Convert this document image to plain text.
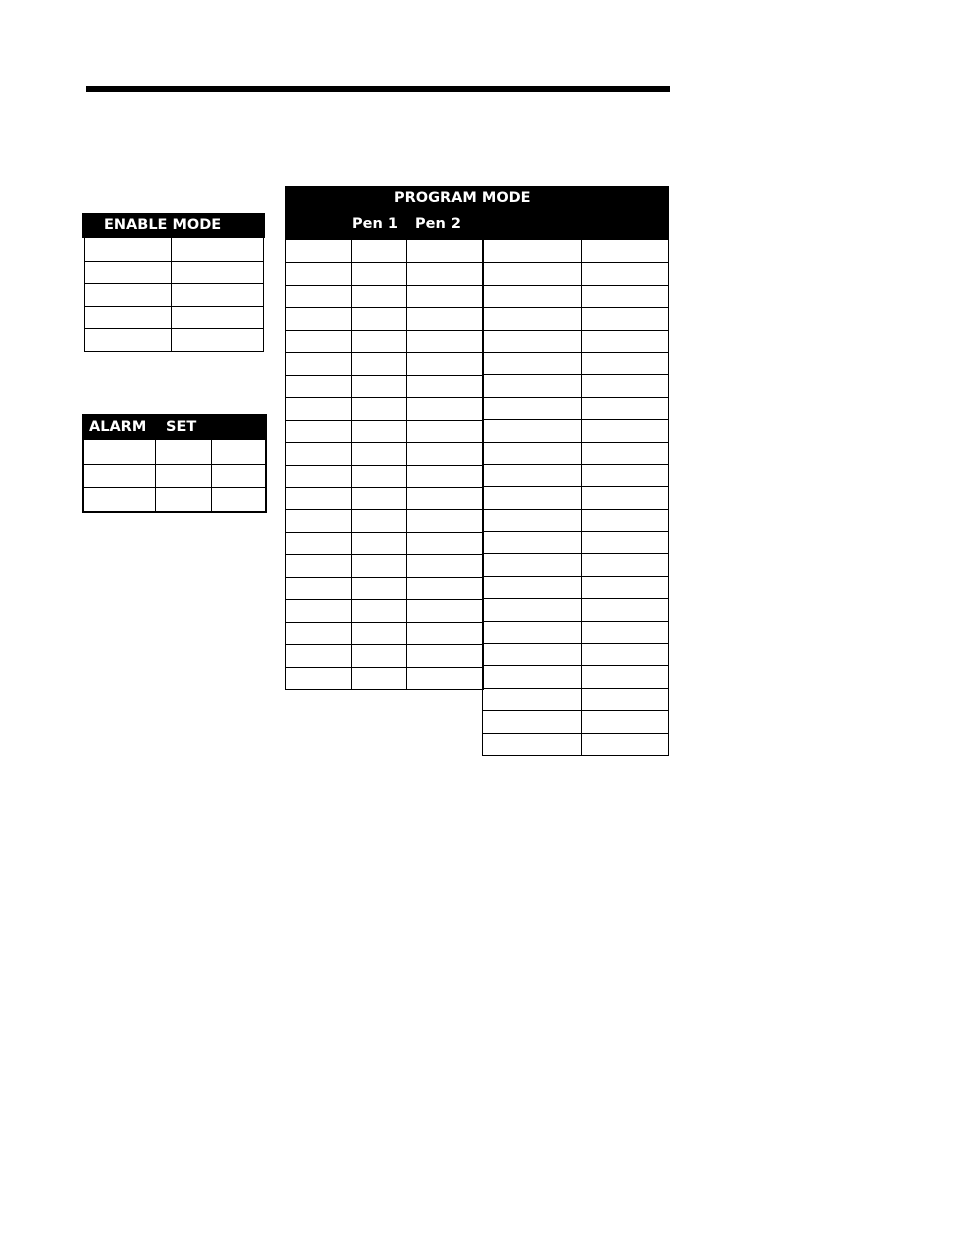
ENABLE MODE
ALARM SET
PROGRAM MODE
Pen 1 Pen 2
